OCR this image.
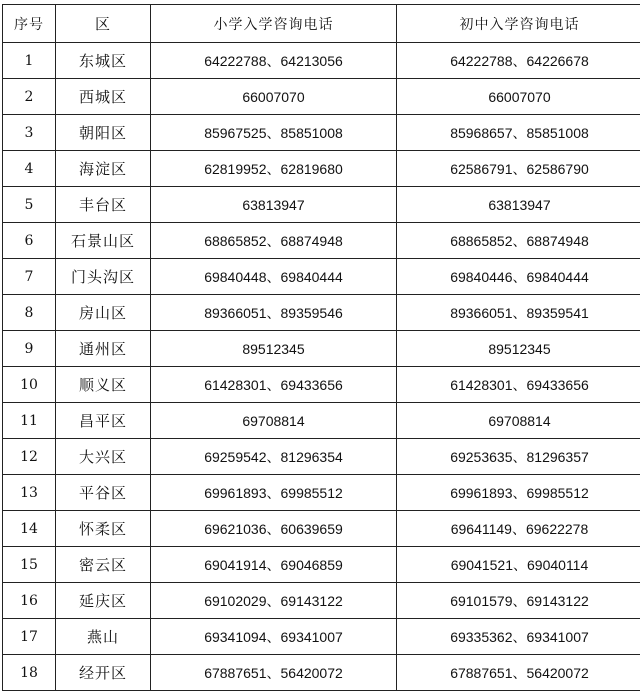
序号	区	小学入学咨询电话	初中入学咨询电话
1	东城区	64222788、64213056	64222788、64226678
2	西城区	66007070	66007070
3	朝阳区	85967525、85851008	85968657、85851008
4	海淀区	62819952、62819680	62586791、62586790
5	丰台区	63813947	63813947
6	石景山区	68865852、68874948	68865852、68874948
7	门头沟区	69840448、69840444	69840446、69840444
8	房山区	89366051、89359546	89366051、89359541
9	通州区	89512345	89512345
10	顺义区	61428301、69433656	61428301、69433656
11	昌平区	69708814	69708814
12	大兴区	69259542、81296354	69253635、81296357
13	平谷区	69961893、69985512	69961893、69985512
14	怀柔区	69621036、60639659	69641149、69622278
15	密云区	69041914、69046859	69041521、69040114
16	延庆区	69102029、69143122	69101579、69143122
17	燕山	69341094、69341007	69335362、69341007
18	经开区	67887651、56420072	67887651、56420072
